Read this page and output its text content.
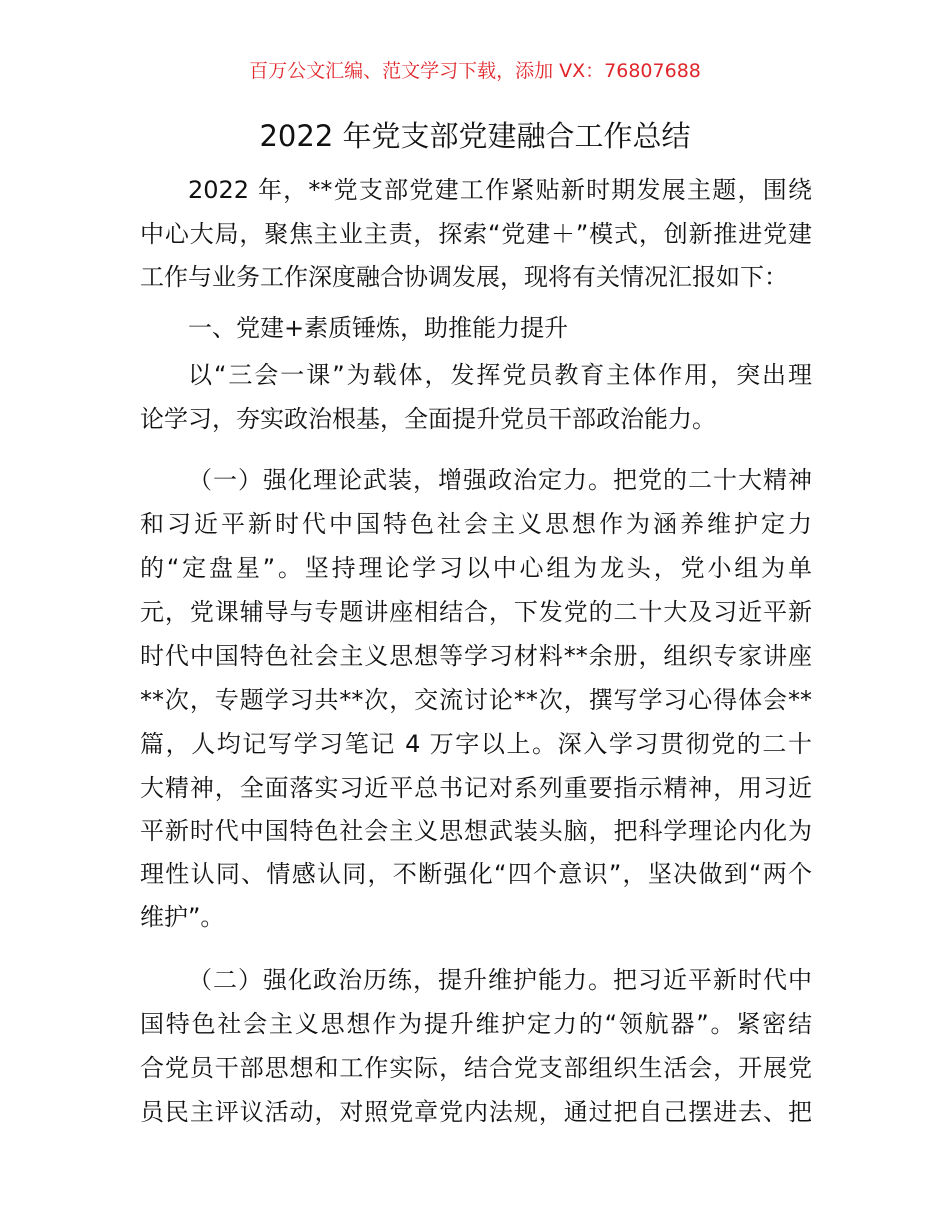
百万公文汇编、范文学习下载，添加 VX：76807688
2022 年党支部党建融合工作总结
2022 年，**党支部党建工作紧贴新时期发展主题，围绕
中心大局，聚焦主业主责，探索“党建＋”模式，创新推进党建
工作与业务工作深度融合协调发展，现将有关情况汇报如下：
一、党建+素质锤炼，助推能力提升
以“三会一课”为载体，发挥党员教育主体作用，突出理
论学习，夯实政治根基，全面提升党员干部政治能力。
（一）强化理论武装，增强政治定力。把党的二十大精神
和习近平新时代中国特色社会主义思想作为涵养维护定力
的“定盘星”。坚持理论学习以中心组为龙头，党小组为单
元，党课辅导与专题讲座相结合，下发党的二十大及习近平新
时代中国特色社会主义思想等学习材料**余册，组织专家讲座
**次，专题学习共**次，交流讨论**次，撰写学习心得体会**
篇，人均记写学习笔记 4 万字以上。深入学习贯彻党的二十
大精神，全面落实习近平总书记对系列重要指示精神，用习近
平新时代中国特色社会主义思想武装头脑，把科学理论内化为
理性认同、情感认同，不断强化“四个意识”，坚决做到“两个
维护”。
（二）强化政治历练，提升维护能力。把习近平新时代中
国特色社会主义思想作为提升维护定力的“领航器”。紧密结
合党员干部思想和工作实际，结合党支部组织生活会，开展党
员民主评议活动，对照党章党内法规，通过把自己摆进去、把
